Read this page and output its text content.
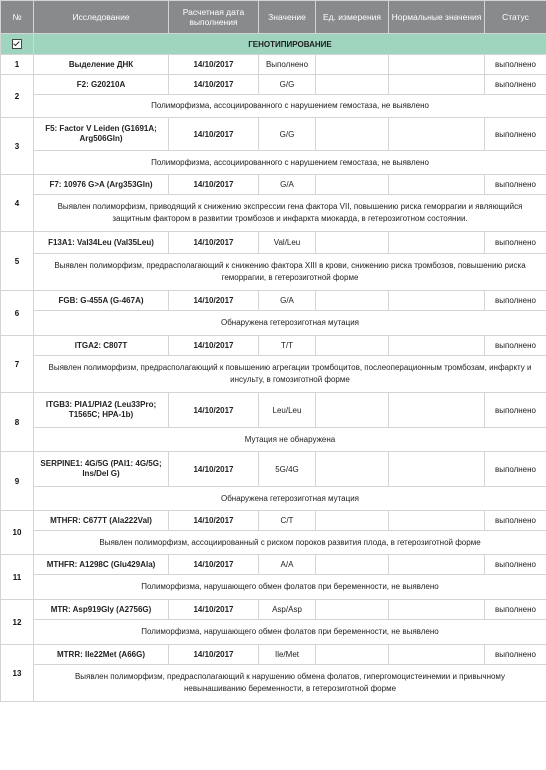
№	Исследование	Расчетная дата выполнения	Значение	Ед. измерения	Нормальные значения	Статус
	ГЕНОТИПИРОВАНИЕ					
1	Выделение ДНК	14/10/2017	Выполнено			выполнено
2	F2: G20210A	14/10/2017	G/G			выполнено
	Полиморфизма, ассоциированного с нарушением гемостаза, не выявлено					
3	F5: Factor V Leiden (G1691A; Arg506Gln)	14/10/2017	G/G			выполнено
	Полиморфизма, ассоциированного с нарушением гемостаза, не выявлено					
4	F7: 10976 G>A (Arg353Gln)	14/10/2017	G/A			выполнено
	Выявлен полиморфизм, приводящий к снижению экспрессии гена фактора VII, повышению риска геморрагии и являющийся защитным фактором в развитии тромбозов и инфаркта миокарда, в гетерозиготном состоянии.					
5	F13A1: Val34Leu (Val35Leu)	14/10/2017	Val/Leu			выполнено
	Выявлен полиморфизм, предрасполагающий к снижению фактора XIII в крови, снижению риска тромбозов, повышению риска геморрагии, в гетерозиготной форме					
6	FGB: G-455A (G-467A)	14/10/2017	G/A			выполнено
	Обнаружена гетерозиготная мутация					
7	ITGA2: C807T	14/10/2017	T/T			выполнено
	Выявлен полиморфизм, предрасполагающий к повышению агрегации тромбоцитов, послеоперационным тромбозам, инфаркту и инсульту, в гомозиготной форме					
8	ITGB3: PIA1/PIA2 (Leu33Pro; T1565C; HPA-1b)	14/10/2017	Leu/Leu			выполнено
	Мутация не обнаружена					
9	SERPINE1: 4G/5G (PAI1: 4G/5G; Ins/Del G)	14/10/2017	5G/4G			выполнено
	Обнаружена гетерозиготная мутация					
10	MTHFR: C677T (Ala222Val)	14/10/2017	C/T			выполнено
	Выявлен полиморфизм, ассоциированный с риском пороков развития плода, в гетерозиготной форме					
11	MTHFR: A1298C (Glu429Ala)	14/10/2017	A/A			выполнено
	Полиморфизма, нарушающего обмен фолатов при беременности, не выявлено					
12	MTR: Asp919Gly (A2756G)	14/10/2017	Asp/Asp			выполнено
	Полиморфизма, нарушающего обмен фолатов при беременности, не выявлено					
13	MTRR: Ile22Met (A66G)	14/10/2017	Ile/Met			выполнено
	Выявлен полиморфизм, предрасполагающий к нарушению обмена фолатов, гипергомоцистеинемии и привычному невынашиванию беременности, в гетерозиготной форме					
